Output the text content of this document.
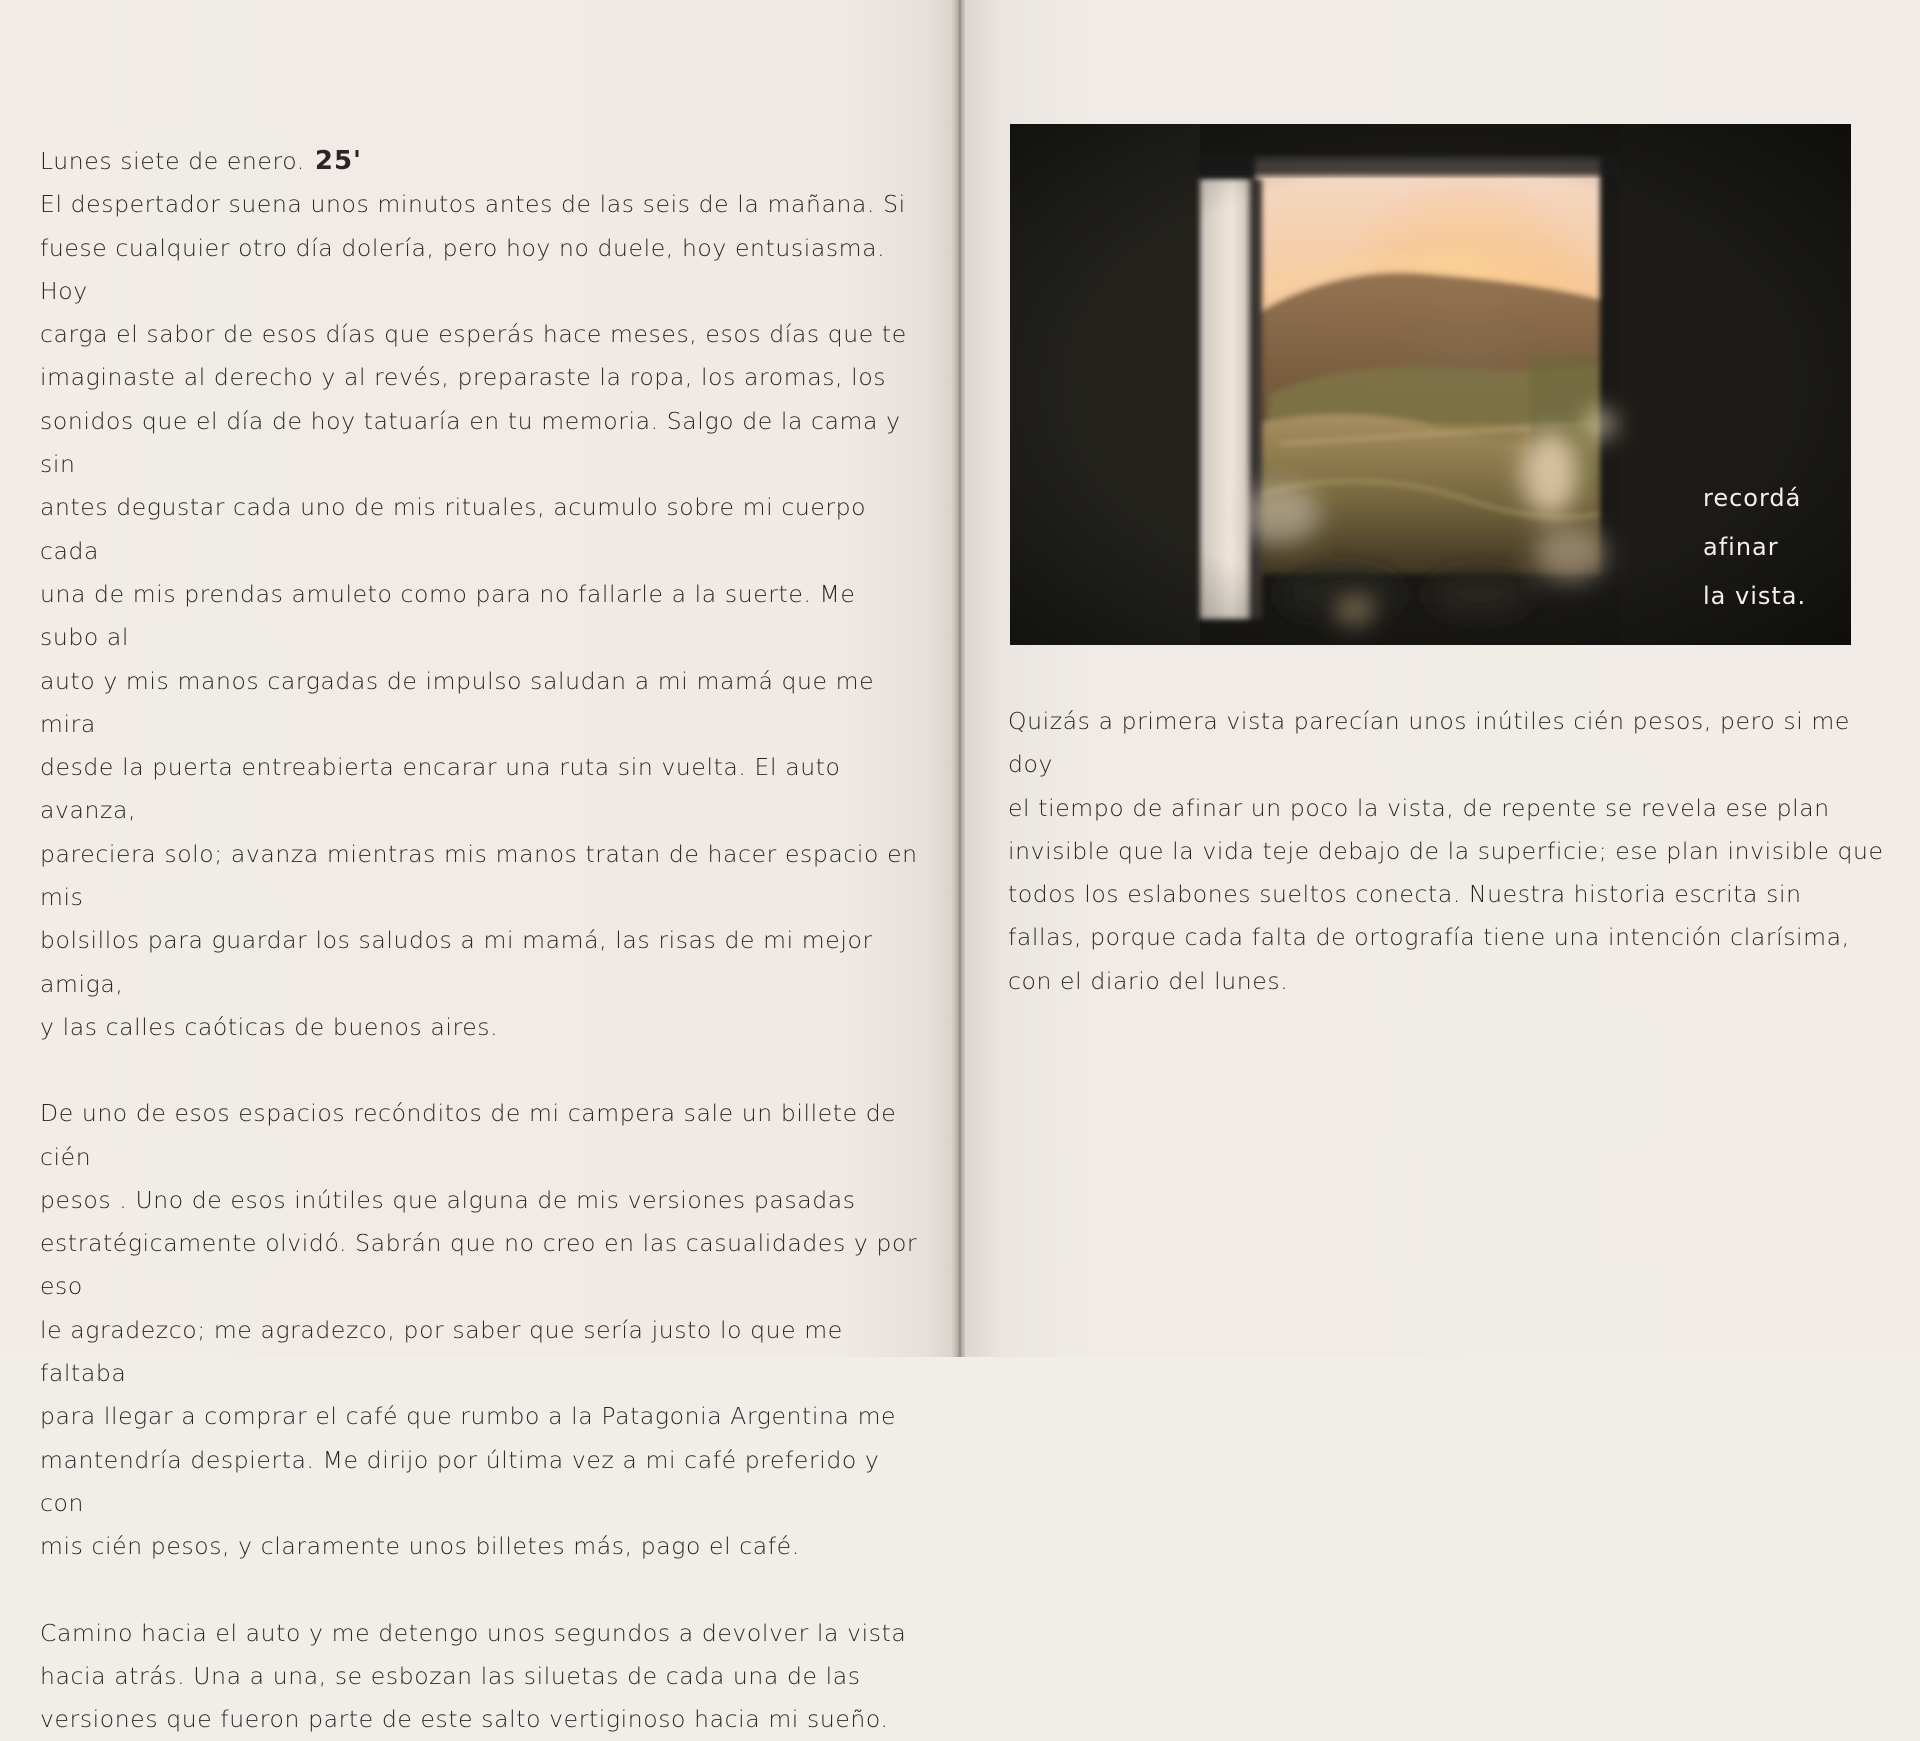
Lunes siete de enero. 25'

El despertador suena unos minutos antes de las seis de la mañana. Si
fuese cualquier otro día dolería, pero hoy no duele, hoy entusiasma. Hoy
carga el sabor de esos días que esperás hace meses, esos días que te
imaginaste al derecho y al revés, preparaste la ropa, los aromas, los
sonidos que el día de hoy tatuaría en tu memoria. Salgo de la cama y sin
antes degustar cada uno de mis rituales, acumulo sobre mi cuerpo cada
una de mis prendas amuleto como para no fallarle a la suerte. Me subo al
auto y mis manos cargadas de impulso saludan a mi mamá que me mira
desde la puerta entreabierta encarar una ruta sin vuelta. El auto avanza,
pareciera solo; avanza mientras mis manos tratan de hacer espacio en mis
bolsillos para guardar los saludos a mi mamá, las risas de mi mejor amiga,
y las calles caóticas de buenos aires.

De uno de esos espacios recónditos de mi campera sale un billete de cién
pesos . Uno de esos inútiles que alguna de mis versiones pasadas
estratégicamente olvidó. Sabrán que no creo en las casualidades y por eso
le agradezco; me agradezco, por saber que sería justo lo que me faltaba
para llegar a comprar el café que rumbo a la Patagonia Argentina me
mantendría despierta. Me dirijo por última vez a mi café preferido y con
mis cién pesos, y claramente unos billetes más, pago el café.

Camino hacia el auto y me detengo unos segundos a devolver la vista
hacia atrás. Una a una, se esbozan las siluetas de cada una de las
versiones que fueron parte de este salto vertiginoso hacia mi sueño.

recordá
afinar
la vista.

Quizás a primera vista parecían unos inútiles cién pesos, pero si me doy
el tiempo de afinar un poco la vista, de repente se revela ese plan
invisible que la vida teje debajo de la superficie; ese plan invisible que
todos los eslabones sueltos conecta. Nuestra historia escrita sin
fallas, porque cada falta de ortografía tiene una intención clarísima,
con el diario del lunes.
